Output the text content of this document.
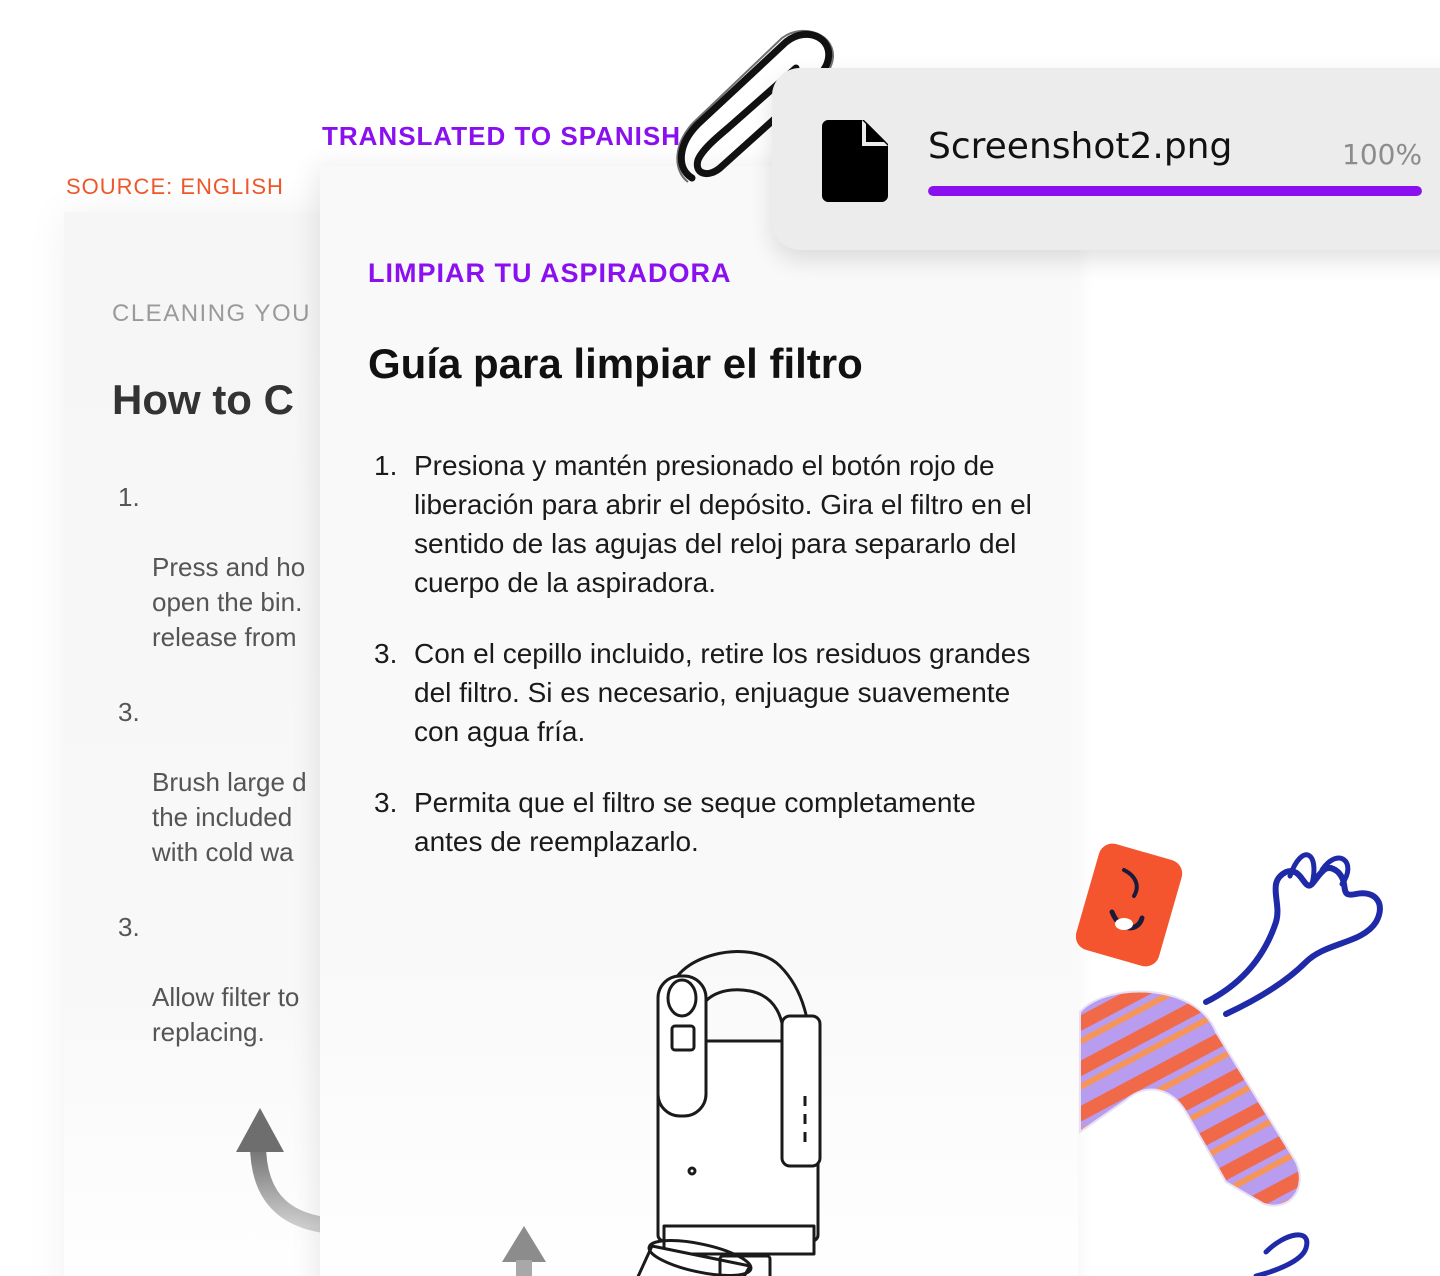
SOURCE: ENGLISH
CLEANING YOU
How to C

1.

Press and ho
open the bin.
release from

3.

Brush large d
the included
with cold wa

3.

Allow filter to
replacing.

TRANSLATED TO SPANISH
LIMPIAR TU ASPIRADORA
Guía para limpiar el filtro
1. Presiona y mantén presionado el botón rojo de liberación para abrir el depósito. Gira el filtro en el sentido de las agujas del reloj para separarlo del cuerpo de la aspiradora.
3. Con el cepillo incluido, retire los residuos grandes del filtro. Si es necesario, enjuague suavemente con agua fría.
3. Permita que el filtro se seque completamente antes de reemplazarlo.
Screenshot2.png	100%
